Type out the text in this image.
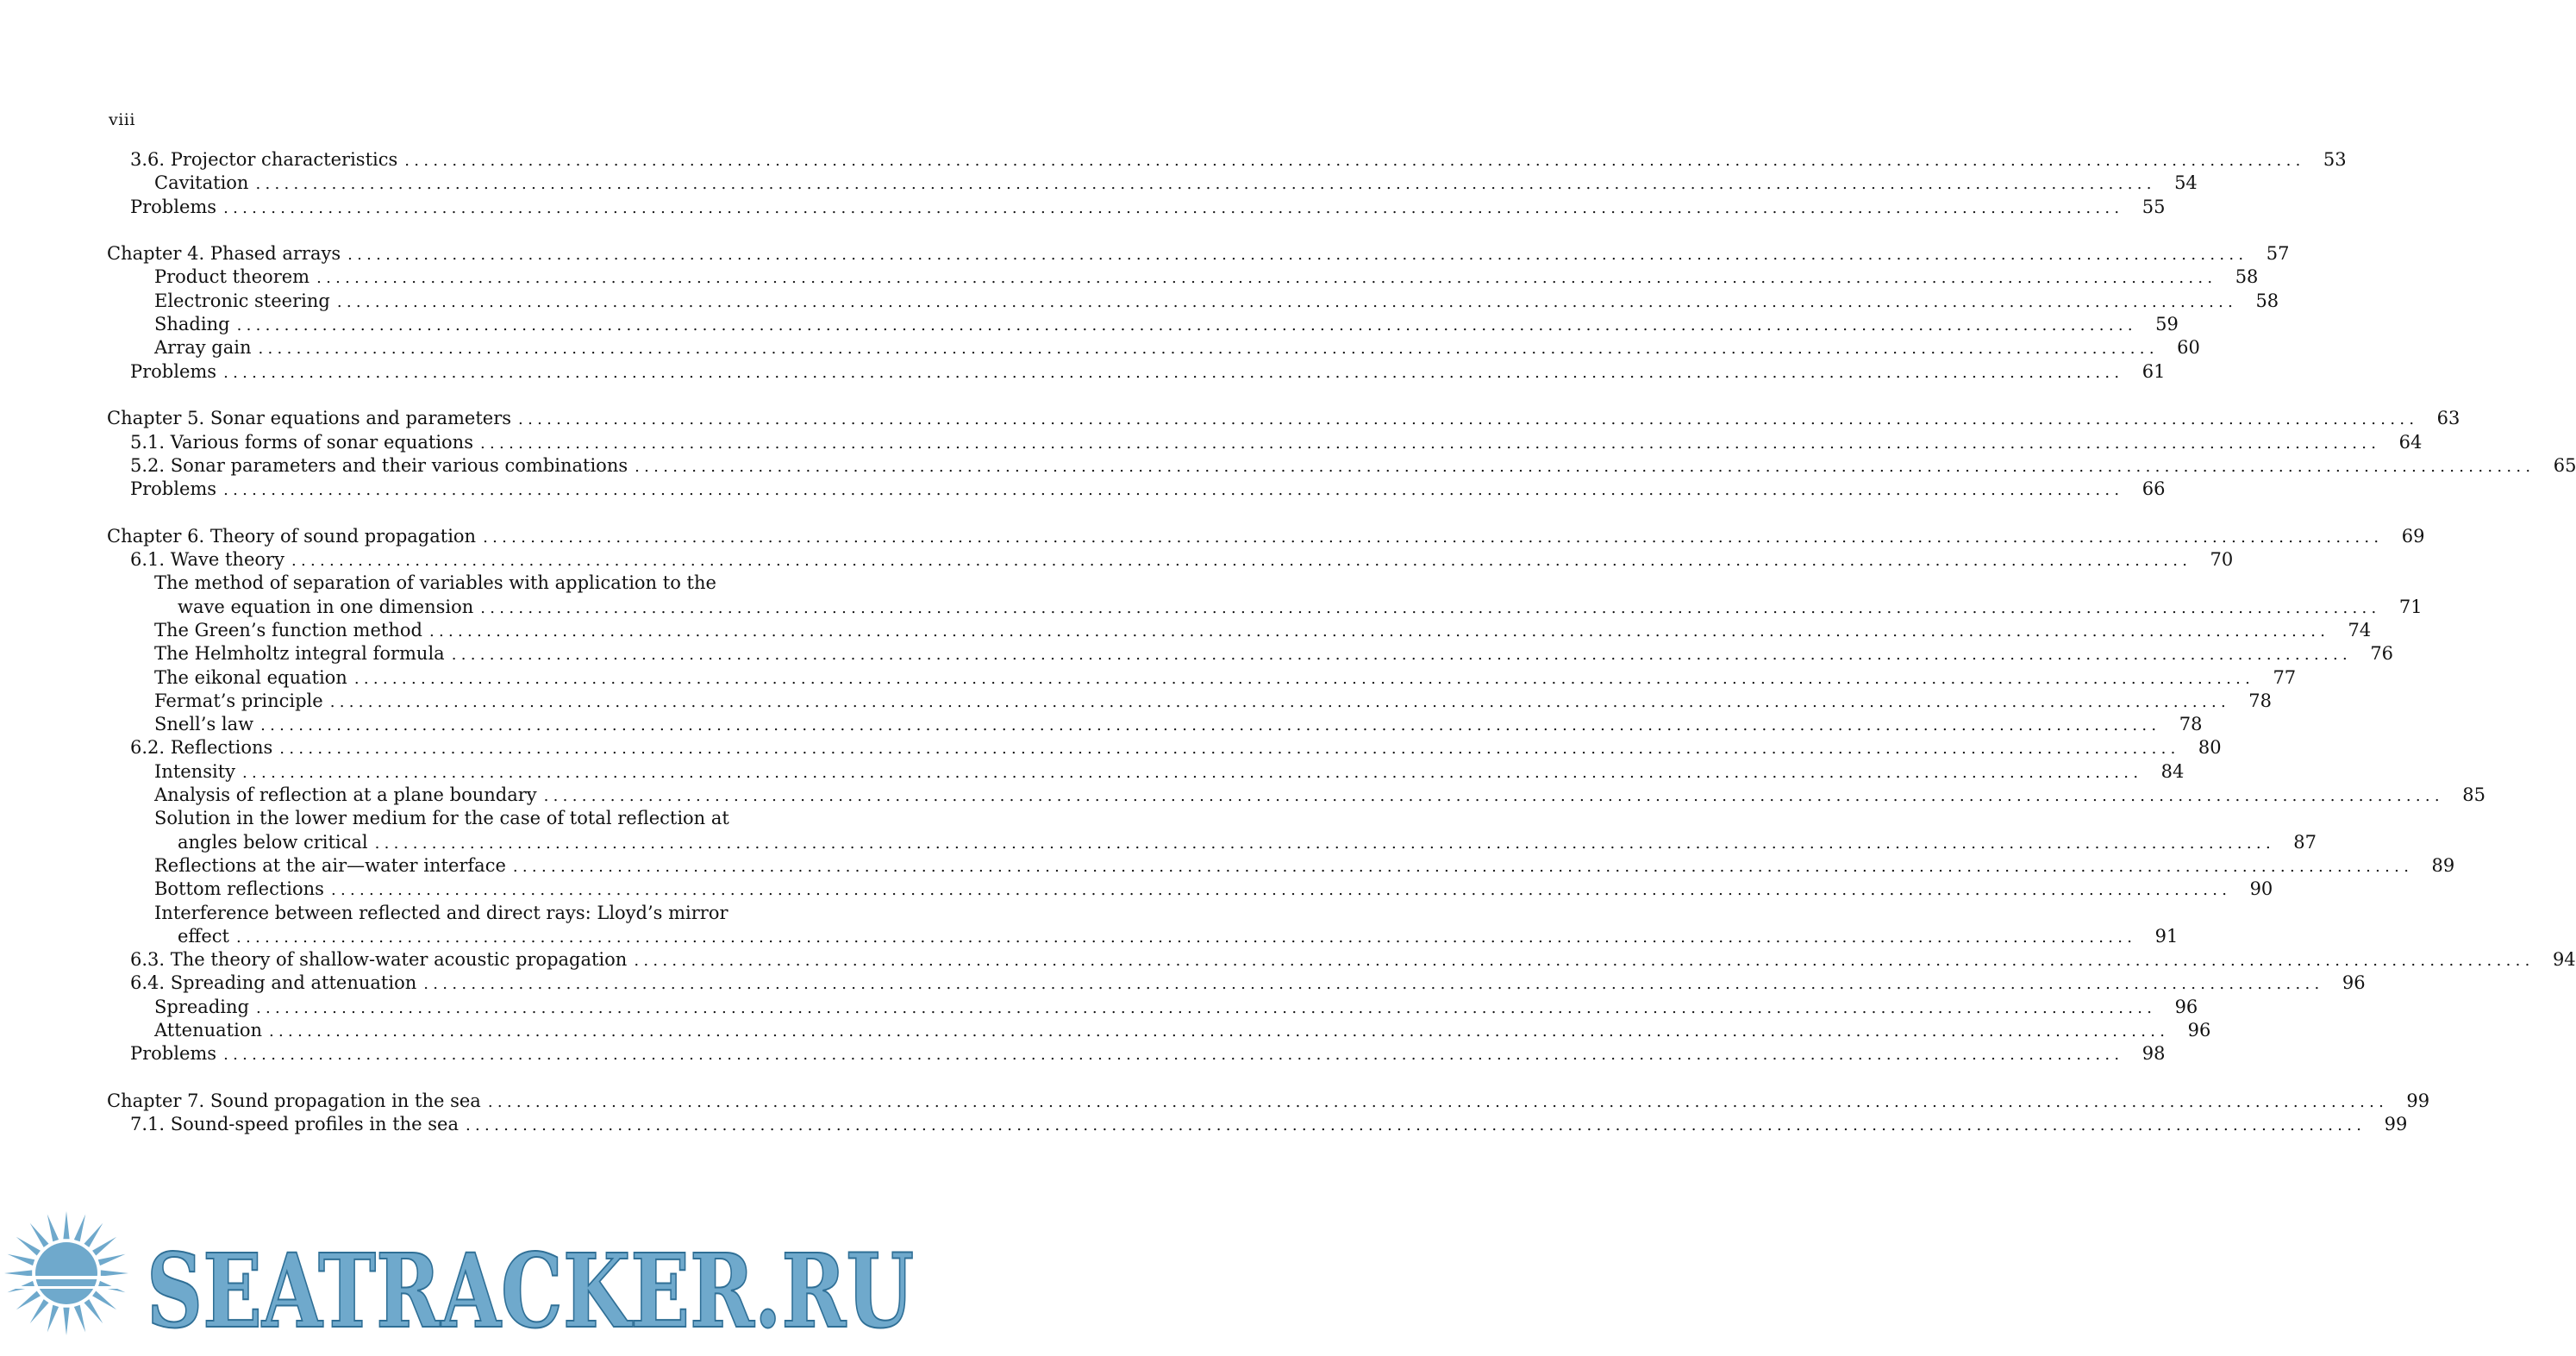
viii
3.6. Projector characteristics ........................................................................................................................................................................................................ 53
Cavitation ........................................................................................................................................................................................................ 54
Problems ........................................................................................................................................................................................................ 55
Chapter 4. Phased arrays ........................................................................................................................................................................................................ 57
Product theorem ........................................................................................................................................................................................................ 58
Electronic steering ........................................................................................................................................................................................................ 58
Shading ........................................................................................................................................................................................................ 59
Array gain ........................................................................................................................................................................................................ 60
Problems ........................................................................................................................................................................................................ 61
Chapter 5. Sonar equations and parameters ........................................................................................................................................................................................................ 63
5.1. Various forms of sonar equations ........................................................................................................................................................................................................ 64
5.2. Sonar parameters and their various combinations ........................................................................................................................................................................................................ 65
Problems ........................................................................................................................................................................................................ 66
Chapter 6. Theory of sound propagation ........................................................................................................................................................................................................ 69
6.1. Wave theory ........................................................................................................................................................................................................ 70
The method of separation of variables with application to the
wave equation in one dimension ........................................................................................................................................................................................................ 71
The Green’s function method ........................................................................................................................................................................................................ 74
The Helmholtz integral formula ........................................................................................................................................................................................................ 76
The eikonal equation ........................................................................................................................................................................................................ 77
Fermat’s principle ........................................................................................................................................................................................................ 78
Snell’s law ........................................................................................................................................................................................................ 78
6.2. Reflections ........................................................................................................................................................................................................ 80
Intensity ........................................................................................................................................................................................................ 84
Analysis of reflection at a plane boundary ........................................................................................................................................................................................................ 85
Solution in the lower medium for the case of total reflection at
angles below critical ........................................................................................................................................................................................................ 87
Reflections at the air—water interface ........................................................................................................................................................................................................ 89
Bottom reflections ........................................................................................................................................................................................................ 90
Interference between reflected and direct rays: Lloyd’s mirror
effect ........................................................................................................................................................................................................ 91
6.3. The theory of shallow-water acoustic propagation ........................................................................................................................................................................................................ 94
6.4. Spreading and attenuation ........................................................................................................................................................................................................ 96
Spreading ........................................................................................................................................................................................................ 96
Attenuation ........................................................................................................................................................................................................ 96
Problems ........................................................................................................................................................................................................ 98
Chapter 7. Sound propagation in the sea ........................................................................................................................................................................................................ 99
7.1. Sound-speed profiles in the sea ........................................................................................................................................................................................................ 99
SEATRACKER.RU
